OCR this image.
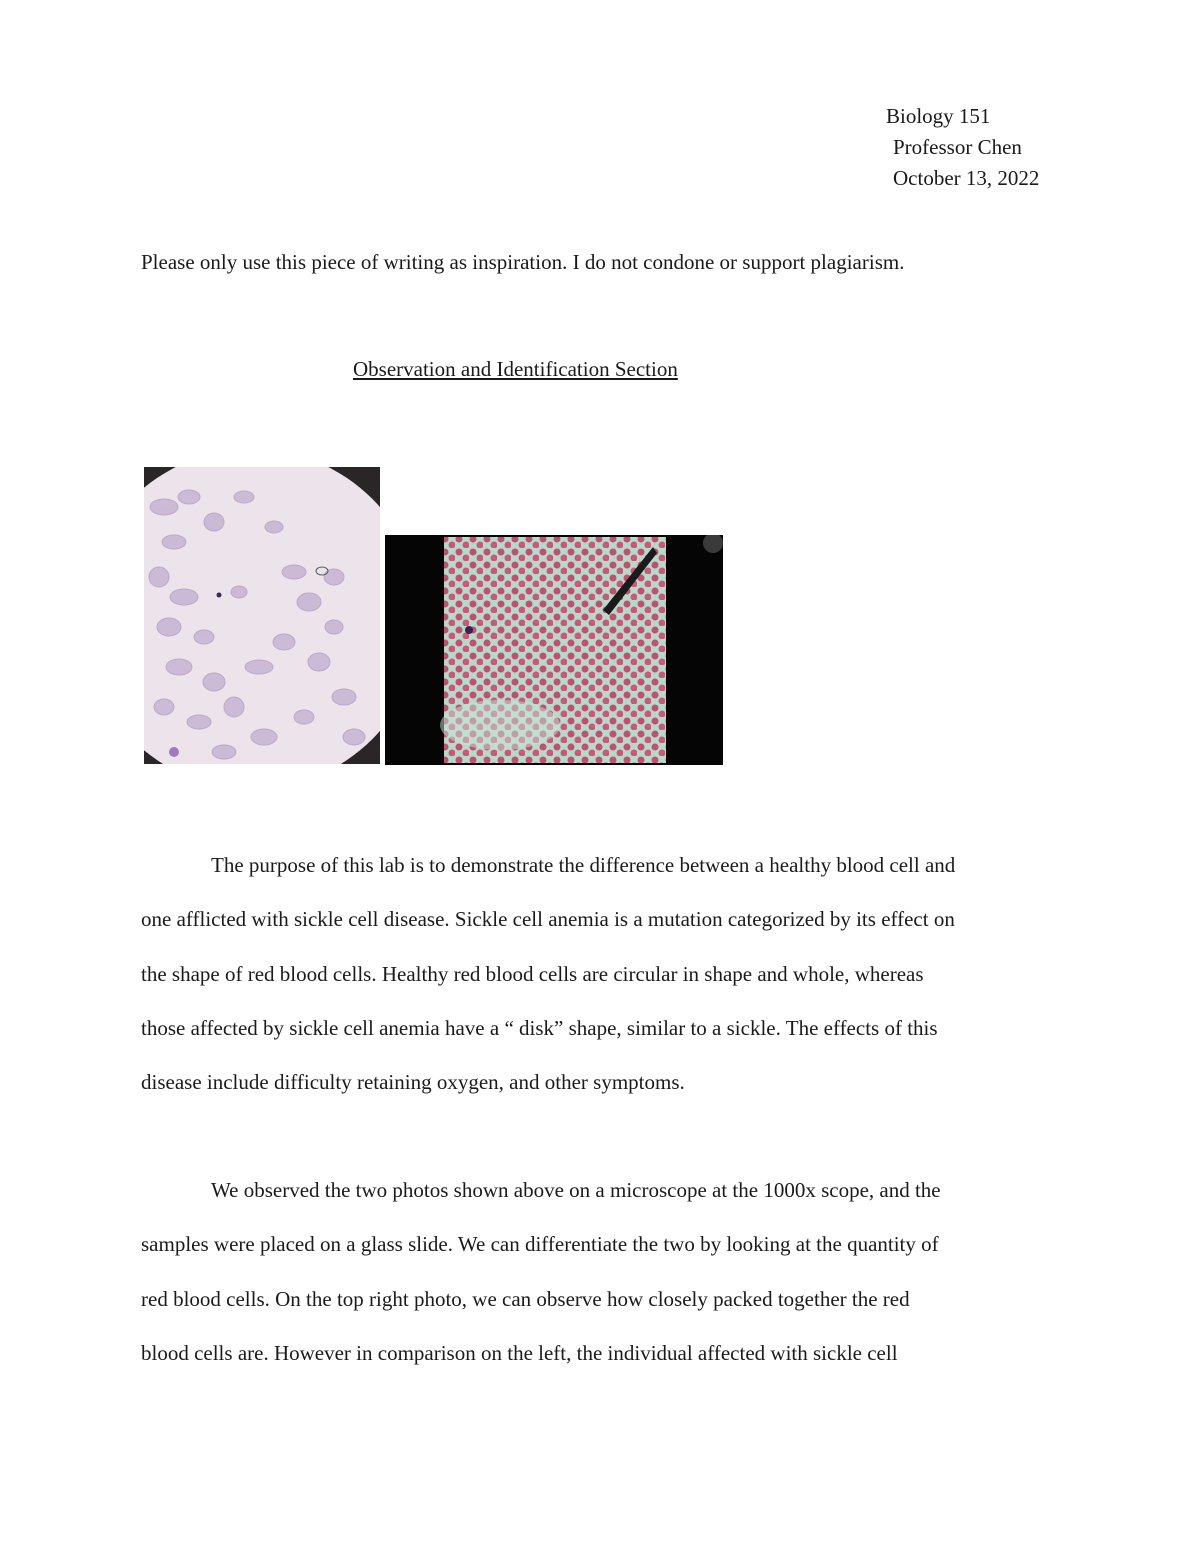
Biology 151
Professor Chen
October 13, 2022
Please only use this piece of writing as inspiration. I do not condone or support plagiarism.
Observation and Identification Section
The purpose of this lab is to demonstrate the difference between a healthy blood cell and
one afflicted with sickle cell disease. Sickle cell anemia is a mutation categorized by its effect on
the shape of red blood cells. Healthy red blood cells are circular in shape and whole, whereas
those affected by sickle cell anemia have a “ disk” shape, similar to a sickle. The effects of this
disease include difficulty retaining oxygen, and other symptoms.
We observed the two photos shown above on a microscope at the 1000x scope, and the
samples were placed on a glass slide. We can differentiate the two by looking at the quantity of
red blood cells. On the top right photo, we can observe how closely packed together the red
blood cells are. However in comparison on the left, the individual affected with sickle cell
